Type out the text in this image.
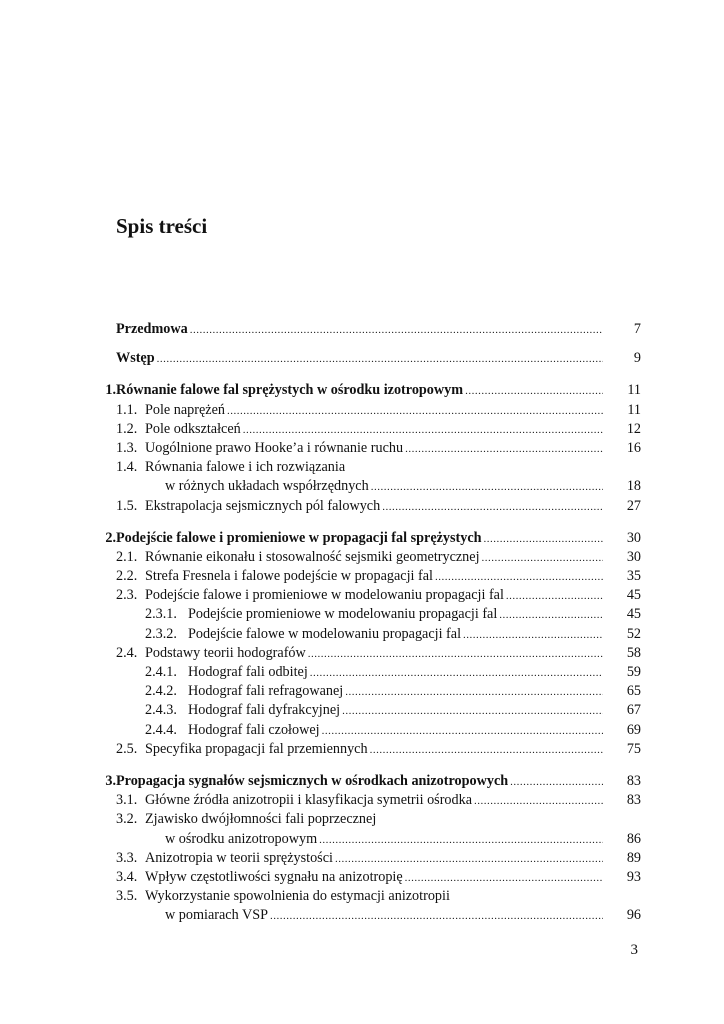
Spis treści
Przedmowa .....	7
Wstęp .....	9
1. Równanie falowe fal sprężystych w ośrodku izotropowym .....	11
1.1. Pole naprężeń .....	11
1.2. Pole odkształceń .....	12
1.3. Uogólnione prawo Hooke’a i równanie ruchu .....	16
1.4. Równania falowe i ich rozwiązania
w różnych układach współrzędnych .....	18
1.5. Ekstrapolacja sejsmicznych pól falowych .....	27
2. Podejście falowe i promieniowe w propagacji fal sprężystych .....	30
2.1. Równanie eikonału i stosowalność sejsmiki geometrycznej .....	30
2.2. Strefa Fresnela i falowe podejście w propagacji fal .....	35
2.3. Podejście falowe i promieniowe w modelowaniu propagacji fal .....	45
2.3.1. Podejście promieniowe w modelowaniu propagacji fal .....	45
2.3.2. Podejście falowe w modelowaniu propagacji fal .....	52
2.4. Podstawy teorii hodografów .....	58
2.4.1. Hodograf fali odbitej .....	59
2.4.2. Hodograf fali refragowanej .....	65
2.4.3. Hodograf fali dyfrakcyjnej .....	67
2.4.4. Hodograf fali czołowej .....	69
2.5. Specyfika propagacji fal przemiennych .....	75
3. Propagacja sygnałów sejsmicznych w ośrodkach anizotropowych .....	83
3.1. Główne źródła anizotropii i klasyfikacja symetrii ośrodka .....	83
3.2. Zjawisko dwójłomności fali poprzecznej
w ośrodku anizotropowym .....	86
3.3. Anizotropia w teorii sprężystości .....	89
3.4. Wpływ częstotliwości sygnału na anizotropię .....	93
3.5. Wykorzystanie spowolnienia do estymacji anizotropii
w pomiarach VSP .....	96
3
